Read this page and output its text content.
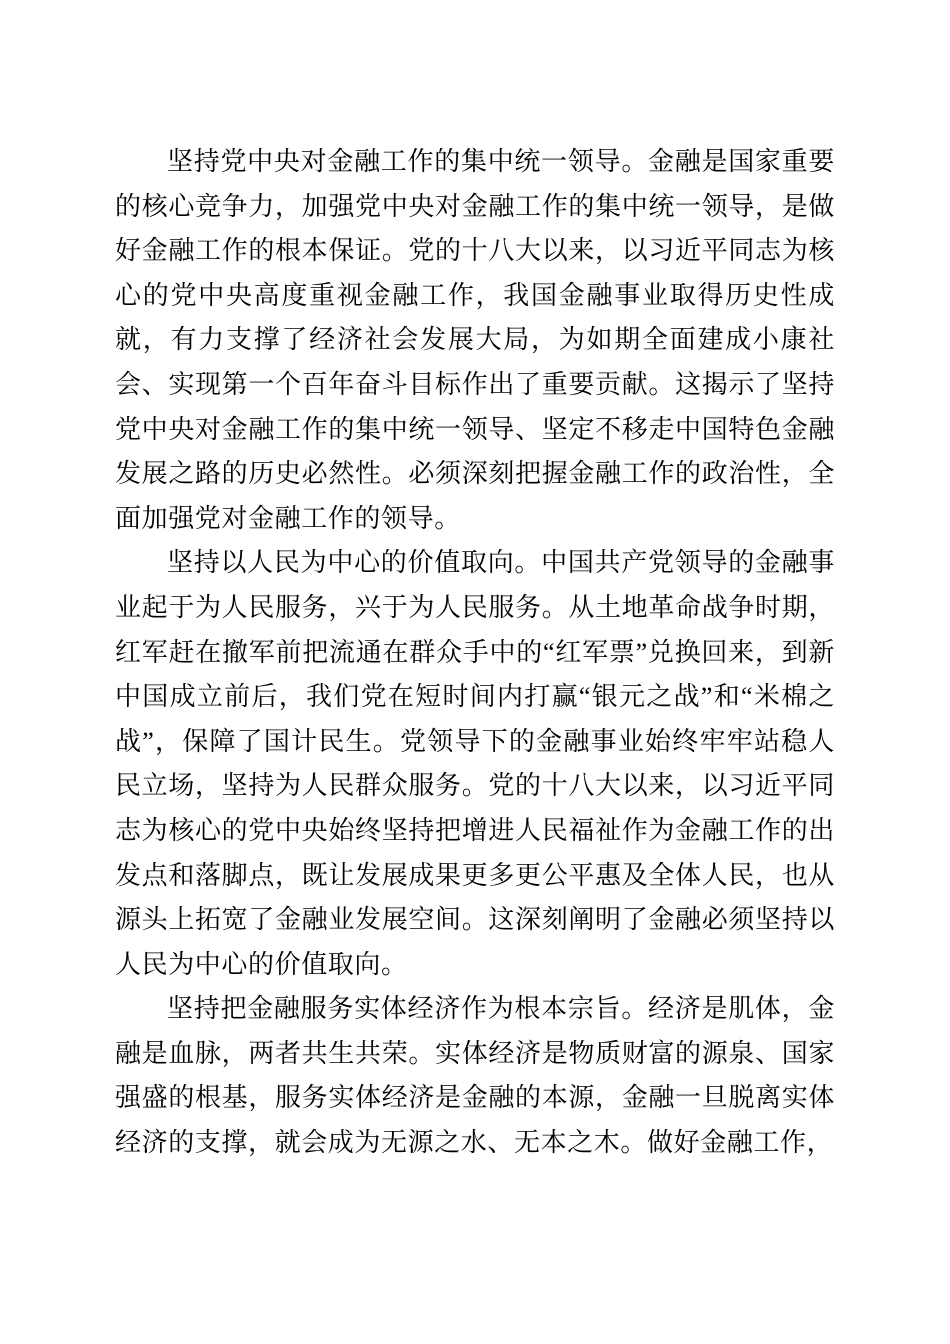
坚持党中央对金融工作的集中统一领导。金融是国家重要的核心竞争力，加强党中央对金融工作的集中统一领导，是做好金融工作的根本保证。党的十八大以来，以习近平同志为核心的党中央高度重视金融工作，我国金融事业取得历史性成就，有力支撑了经济社会发展大局，为如期全面建成小康社会、实现第一个百年奋斗目标作出了重要贡献。这揭示了坚持党中央对金融工作的集中统一领导、坚定不移走中国特色金融发展之路的历史必然性。必须深刻把握金融工作的政治性，全面加强党对金融工作的领导。

坚持以人民为中心的价值取向。中国共产党领导的金融事业起于为人民服务，兴于为人民服务。从土地革命战争时期，红军赶在撤军前把流通在群众手中的“红军票”兑换回来，到新中国成立前后，我们党在短时间内打赢“银元之战”和“米棉之战”，保障了国计民生。党领导下的金融事业始终牢牢站稳人民立场，坚持为人民群众服务。党的十八大以来，以习近平同志为核心的党中央始终坚持把增进人民福祉作为金融工作的出发点和落脚点，既让发展成果更多更公平惠及全体人民，也从源头上拓宽了金融业发展空间。这深刻阐明了金融必须坚持以人民为中心的价值取向。

坚持把金融服务实体经济作为根本宗旨。经济是肌体，金融是血脉，两者共生共荣。实体经济是物质财富的源泉、国家强盛的根基，服务实体经济是金融的本源，金融一旦脱离实体经济的支撑，就会成为无源之水、无本之木。做好金融工作，
